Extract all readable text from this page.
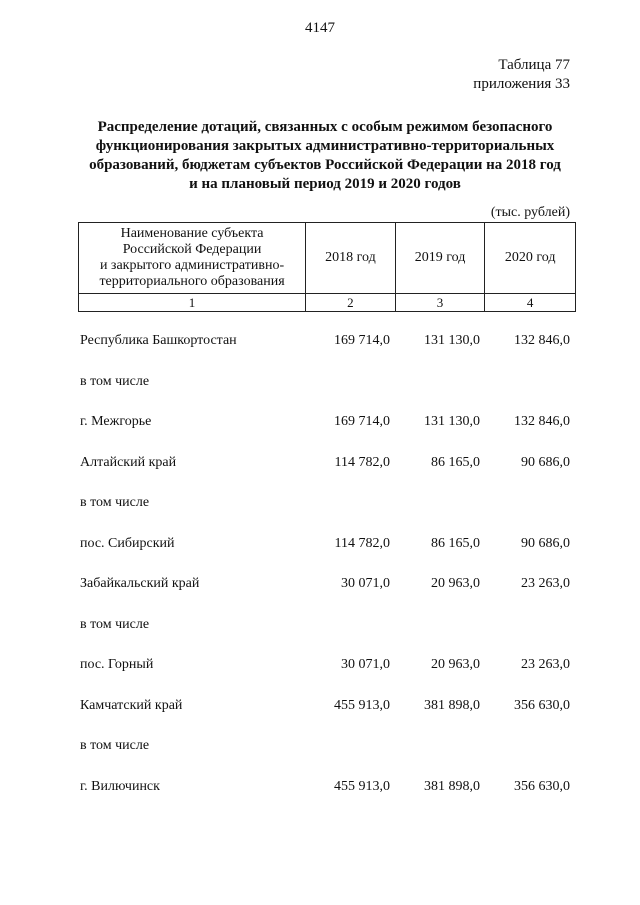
4147
Таблица 77
приложения 33
Распределение дотаций, связанных с особым режимом безопасного
функционирования закрытых административно-территориальных
образований, бюджетам субъектов Российской Федерации на 2018 год
и на плановый период 2019 и 2020 годов
(тыс. рублей)
Наименование субъекта
Российской Федерации
и закрытого административно-
территориального образования
2018 год	2019 год	2020 год
1	2	3	4
Республика Башкортостан	169 714,0	131 130,0	132 846,0
в том числе
г. Межгорье	169 714,0	131 130,0	132 846,0
Алтайский край	114 782,0	86 165,0	90 686,0
в том числе
пос. Сибирский	114 782,0	86 165,0	90 686,0
Забайкальский край	30 071,0	20 963,0	23 263,0
в том числе
пос. Горный	30 071,0	20 963,0	23 263,0
Камчатский край	455 913,0	381 898,0	356 630,0
в том числе
г. Вилючинск	455 913,0	381 898,0	356 630,0
